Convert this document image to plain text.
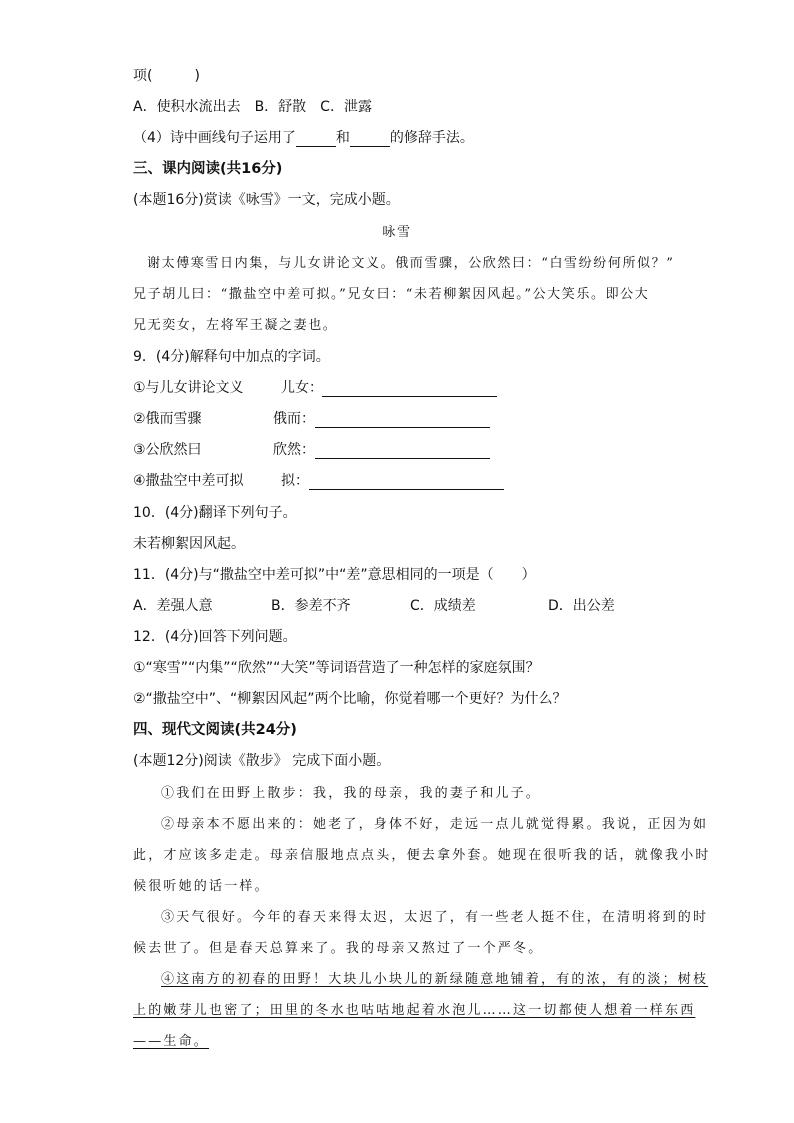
项(　　　)
A．使积水流出去　B．舒散　C．泄露
（4）诗中画线句子运用了	和	的修辞手法。
三、课内阅读(共16分)
(本题16分)赏读《咏雪》一文，完成小题。
咏雪
谢太傅寒雪日内集，与儿女讲论文义。俄而雪骤，公欣然曰：“白雪纷纷何所似？”
兄子胡儿曰：“撒盐空中差可拟。”兄女曰：“未若柳絮因风起。”公大笑乐。即公大
兄无奕女，左将军王凝之妻也。
9．(4分)解释句中加点的字词。
①与儿女讲论文义	儿女：
②俄而雪骤	俄而：
③公欣然曰	欣然：
④撒盐空中差可拟	拟：
10．(4分)翻译下列句子。
未若柳絮因风起。
11．(4分)与“撒盐空中差可拟”中“差”意思相同的一项是（　　）
A．差强人意	B．参差不齐	C．成绩差	D．出公差
12．(4分)回答下列问题。
①“寒雪”“内集”“欣然”“大笑”等词语营造了一种怎样的家庭氛围？
②“撒盐空中”、“柳絮因风起”两个比喻，你觉着哪一个更好？为什么？
四、现代文阅读(共24分)
(本题12分)阅读《散步》 完成下面小题。
①我们在田野上散步：我，我的母亲，我的妻子和儿子。
②母亲本不愿出来的：她老了，身体不好，走远一点儿就觉得累。我说，正因为如
此，才应该多走走。母亲信服地点点头，便去拿外套。她现在很听我的话，就像我小时
候很听她的话一样。
③天气很好。今年的春天来得太迟，太迟了，有一些老人挺不住，在清明将到的时
候去世了。但是春天总算来了。我的母亲又熬过了一个严冬。
④这南方的初春的田野！大块儿小块儿的新绿随意地铺着，有的浓，有的淡；树枝
上的嫩芽儿也密了；田里的冬水也咕咕地起着水泡儿……这一切都使人想着一样东西
——生命。
